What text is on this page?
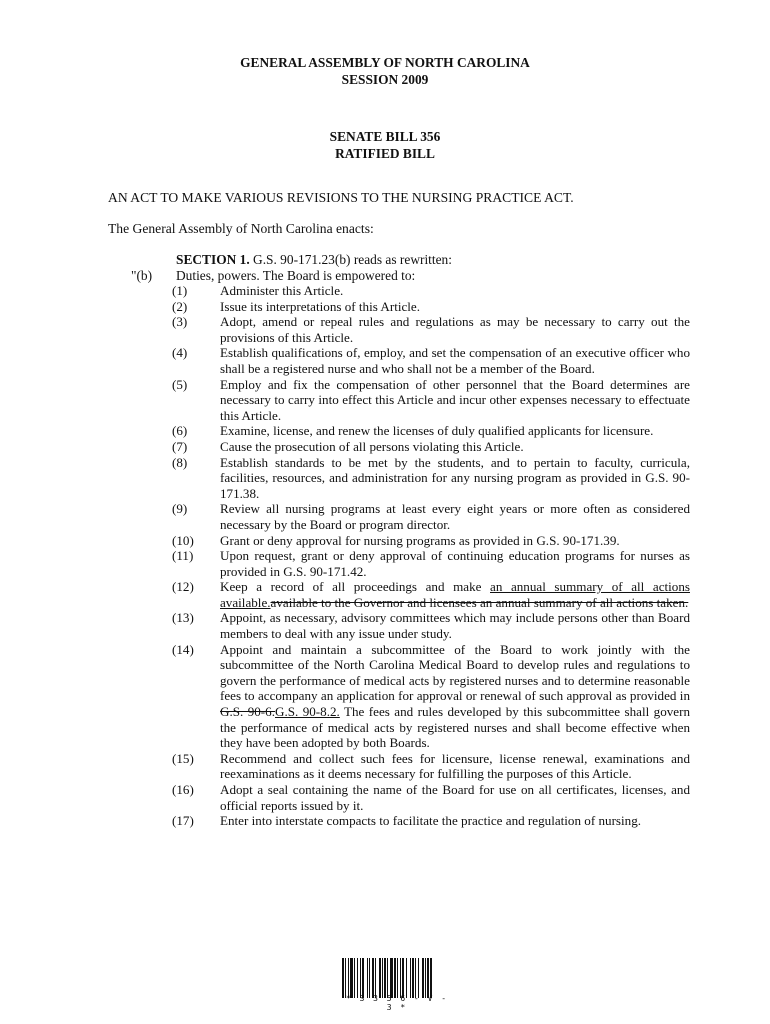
GENERAL ASSEMBLY OF NORTH CAROLINA
SESSION 2009
SENATE BILL 356
RATIFIED BILL
AN ACT TO MAKE VARIOUS REVISIONS TO THE NURSING PRACTICE ACT.
The General Assembly of North Carolina enacts:
SECTION 1. G.S. 90-171.23(b) reads as rewritten:
"(b) Duties, powers. The Board is empowered to:
(1)	Administer this Article.
(2)	Issue its interpretations of this Article.
(3)	Adopt, amend or repeal rules and regulations as may be necessary to carry out the provisions of this Article.
(4)	Establish qualifications of, employ, and set the compensation of an executive officer who shall be a registered nurse and who shall not be a member of the Board.
(5)	Employ and fix the compensation of other personnel that the Board determines are necessary to carry into effect this Article and incur other expenses necessary to effectuate this Article.
(6)	Examine, license, and renew the licenses of duly qualified applicants for licensure.
(7)	Cause the prosecution of all persons violating this Article.
(8)	Establish standards to be met by the students, and to pertain to faculty, curricula, facilities, resources, and administration for any nursing program as provided in G.S. 90-171.38.
(9)	Review all nursing programs at least every eight years or more often as considered necessary by the Board or program director.
(10)	Grant or deny approval for nursing programs as provided in G.S. 90-171.39.
(11)	Upon request, grant or deny approval of continuing education programs for nurses as provided in G.S. 90-171.42.
(12)	Keep a record of all proceedings and make an annual summary of all actions available.available to the Governor and licensees an annual summary of all actions taken.
(13)	Appoint, as necessary, advisory committees which may include persons other than Board members to deal with any issue under study.
(14)	Appoint and maintain a subcommittee of the Board to work jointly with the subcommittee of the North Carolina Medical Board to develop rules and regulations to govern the performance of medical acts by registered nurses and to determine reasonable fees to accompany an application for approval or renewal of such approval as provided in G.S. 90-6.G.S. 90-8.2. The fees and rules developed by this subcommittee shall govern the performance of medical acts by registered nurses and shall become effective when they have been adopted by both Boards.
(15)	Recommend and collect such fees for licensure, license renewal, examinations and reexaminations as it deems necessary for fulfilling the purposes of this Article.
(16)	Adopt a seal containing the name of the Board for use on all certificates, licenses, and official reports issued by it.
(17)	Enter into interstate compacts to facilitate the practice and regulation of nursing.
* S 3 5 6 - V - 3 *
